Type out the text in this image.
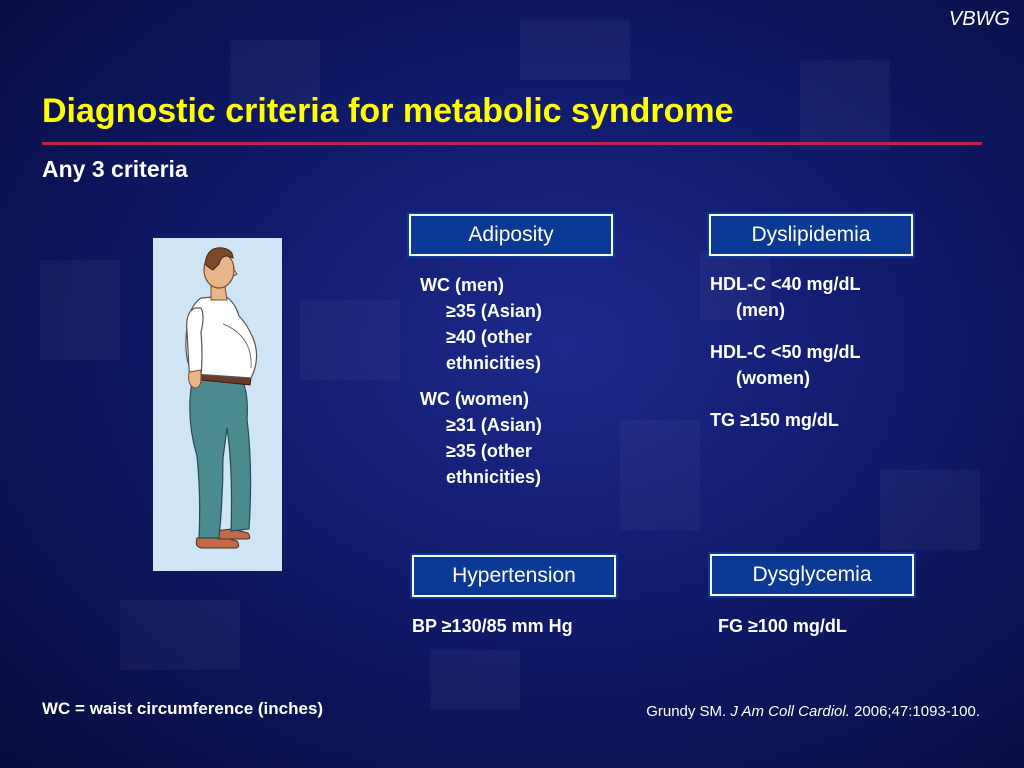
VBWG
Diagnostic criteria for metabolic syndrome
Any 3 criteria
Adiposity
WC (men)
≥35 (Asian)
≥40 (other
ethnicities)
WC (women)
≥31 (Asian)
≥35 (other
ethnicities)
Dyslipidemia
HDL-C <40 mg/dL
(men)
HDL-C <50 mg/dL
(women)
TG ≥150 mg/dL
Hypertension
BP ≥130/85 mm Hg
Dysglycemia
FG ≥100 mg/dL
WC = waist circumference (inches)	Grundy SM. J Am Coll Cardiol. 2006;47:1093-100.
